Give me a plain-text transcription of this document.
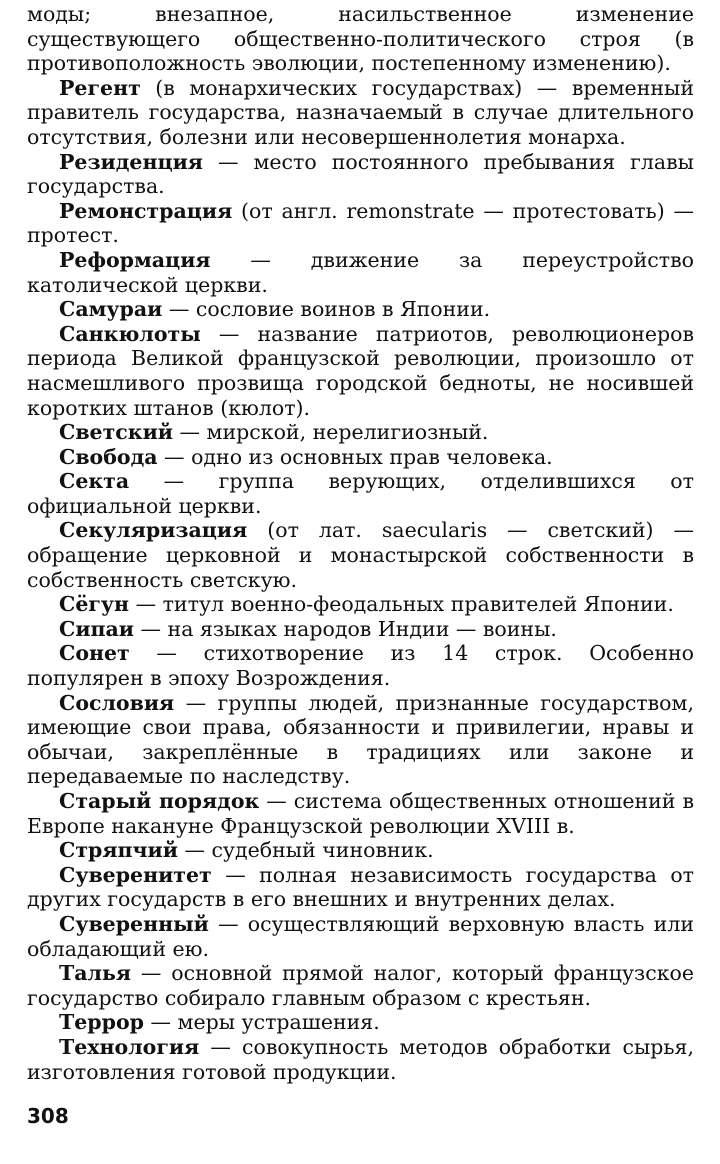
моды; внезапное, насильственное изменение существующего общественно-политического строя (в противоположность эволюции, постепенному изменению).

Регент (в монархических государствах) — временный правитель государства, назначаемый в случае длительного отсутствия, болезни или несовершеннолетия монарха.

Резиденция — место постоянного пребывания главы государства.

Ремонстрация (от англ. remonstrate — протестовать) — протест.

Реформация — движение за переустройство католической церкви.

Самураи — сословие воинов в Японии.

Санкюлоты — название патриотов, революционеров периода Великой французской революции, произошло от насмешливого прозвища городской бедноты, не носившей коротких штанов (кюлот).

Светский — мирской, нерелигиозный.

Свобода — одно из основных прав человека.

Секта — группа верующих, отделившихся от официальной церкви.

Секуляризация (от лат. saecularis — светский) — обращение церковной и монастырской собственности в собственность светскую.

Сёгун — титул военно-феодальных правителей Японии.

Сипаи — на языках народов Индии — воины.

Сонет — стихотворение из 14 строк. Особенно популярен в эпоху Возрождения.

Сословия — группы людей, признанные государством, имеющие свои права, обязанности и привилегии, нравы и обычаи, закреплённые в традициях или законе и передаваемые по наследству.

Старый порядок — система общественных отношений в Европе накануне Французской революции XVIII в.

Стряпчий — судебный чиновник.

Суверенитет — полная независимость государства от других государств в его внешних и внутренних делах.

Суверенный — осуществляющий верховную власть или обладающий ею.

Талья — основной прямой налог, который французское государство собирало главным образом с крестьян.

Террор — меры устрашения.

Технология — совокупность методов обработки сырья, изготовления готовой продукции.

308
